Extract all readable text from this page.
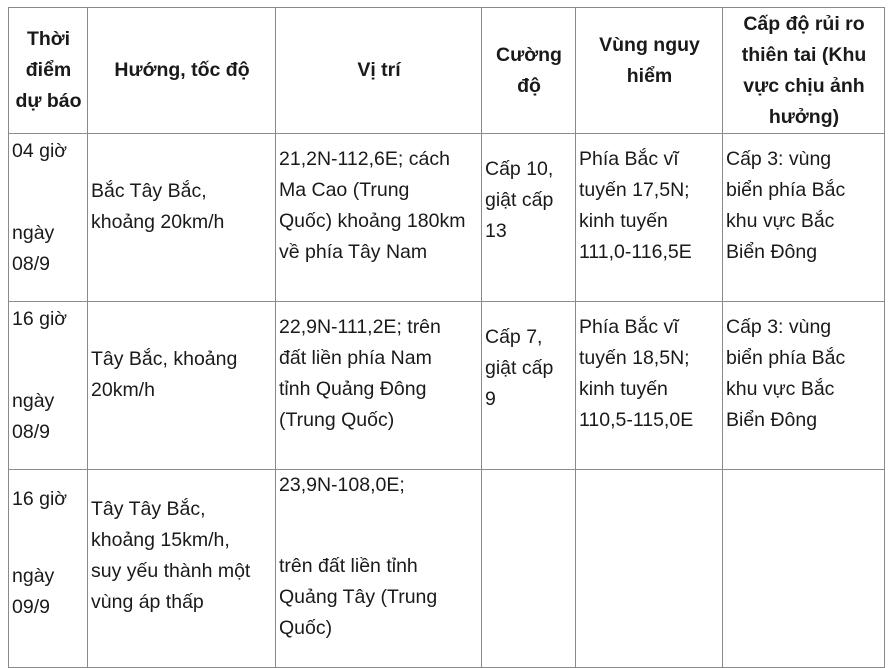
Thời
điểm
dự báo	Hướng, tốc độ	Vị trí	Cường
độ	Vùng nguy
hiểm	Cấp độ rủi ro
thiên tai (Khu
vực chịu ảnh
hưởng)

04 giờ
ngày
08/9	Bắc Tây Bắc,
khoảng 20km/h	21,2N-112,6E; cách
Ma Cao (Trung
Quốc) khoảng 180km
về phía Tây Nam	Cấp 10,
giật cấp
13	Phía Bắc vĩ
tuyến 17,5N;
kinh tuyến
111,0-116,5E	Cấp 3: vùng
biển phía Bắc
khu vực Bắc
Biển Đông

16 giờ
ngày
08/9	Tây Bắc, khoảng
20km/h	22,9N-111,2E; trên
đất liền phía Nam
tỉnh Quảng Đông
(Trung Quốc)	Cấp 7,
giật cấp
9	Phía Bắc vĩ
tuyến 18,5N;
kinh tuyến
110,5-115,0E	Cấp 3: vùng
biển phía Bắc
khu vực Bắc
Biển Đông

16 giờ
ngày
09/9	Tây Tây Bắc,
khoảng 15km/h,
suy yếu thành một
vùng áp thấp	23,9N-108,0E;
trên đất liền tỉnh
Quảng Tây (Trung
Quốc)			
